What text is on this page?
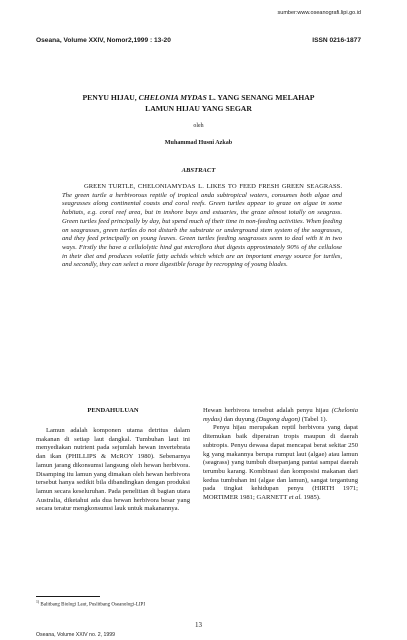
sumber:www.oseanografi.lipi.go.id
Oseana, Volume XXIV, Nomor2,1999 : 13-20	ISSN 0216-1877
PENYU HIJAU, CHELONIA MYDAS L. YANG SENANG MELAHAP
LAMUN HIJAU YANG SEGAR
oleh
Muhammad Husni Azkab
ABSTRACT

GREEN TURTLE, CHELONIAMYDAS L. LIKES TO FEED FRESH GREEN SEAGRASS. The green turtle a herbivorous reptile of tropical anda subtropical waters, consumes both algae and seagrasses along continental coasts and coral reefs. Green turtles appear to graze on algae in some habitats, e.g. coral reef area, but in inshore bays and estuaries, the graze almost totally on seagrass. Green turtles feed principally by day, but spend much of their time in non-feeding activities. When feeding on seagrasses, green turtles do not disturb the substrate or underground stem system of the seagrasses, and they feed principally on young leaves. Green turtles feeding seagrasses seem to deal with it in two ways. Firstly the have a cellulolytic hind gut microflora that digests approximately 90% of the cellulose in their diet and produces volatile fatty achids which which are an important energy source for turtles, and secondly, they can select a more digestible forage by recropping of young blades.

PENDAHULUAN
Lamun adalah komponen utama detritus dalam makanan di setiap laut dangkal. Tumbuhan laut ini menyediakan nutrient pada sejumlah hewan invertebrata dan ikan (PHILLIPS & McROY 1980). Sebenarnya lamun jarang dikonsumsi langsung oleh hewan herbivora. Disamping itu lamun yang dimakan oleh hewan herbivora tersebut hanya sedikit bila dibandingkan dengan produksi lamun secara keseluruhan. Pada penelitian di bagian utara Australia, diketahui ada dua hewan herbivora besar yang secara teratur mengkonsumsi lauk untuk makanannya.

Hewan herbivora tersebut adalah penyu hijau (Chelonia mydas) dan duyung (Dugong dugon) (Tabel 1).

Penyu hijau merupakan reptil herbivora yang dapat ditemukan baik diperairan tropis maupun di daerah subtropis. Penyu dewasa dapat mencapai berat sekitar 250 kg yang makannya berupa rumput laut (algae) atau lamun (seagrass) yang tumbuh disepanjang pantai sampai daerah terumbu karang. Kombinasi dan komposisi makanan dari kedua tumbuhan ini (algae dan lamun), sangat tergantung pada tingkat kehidupan penyu (HIRTH 1971; MORTIMER 1981; GARNETT et al. 1985).

$^{1)}$ Balitbang Biologi Laut, Puslitbang Oseanologi-LIPI
13
Oseana, Volume XXIV no. 2, 1999
